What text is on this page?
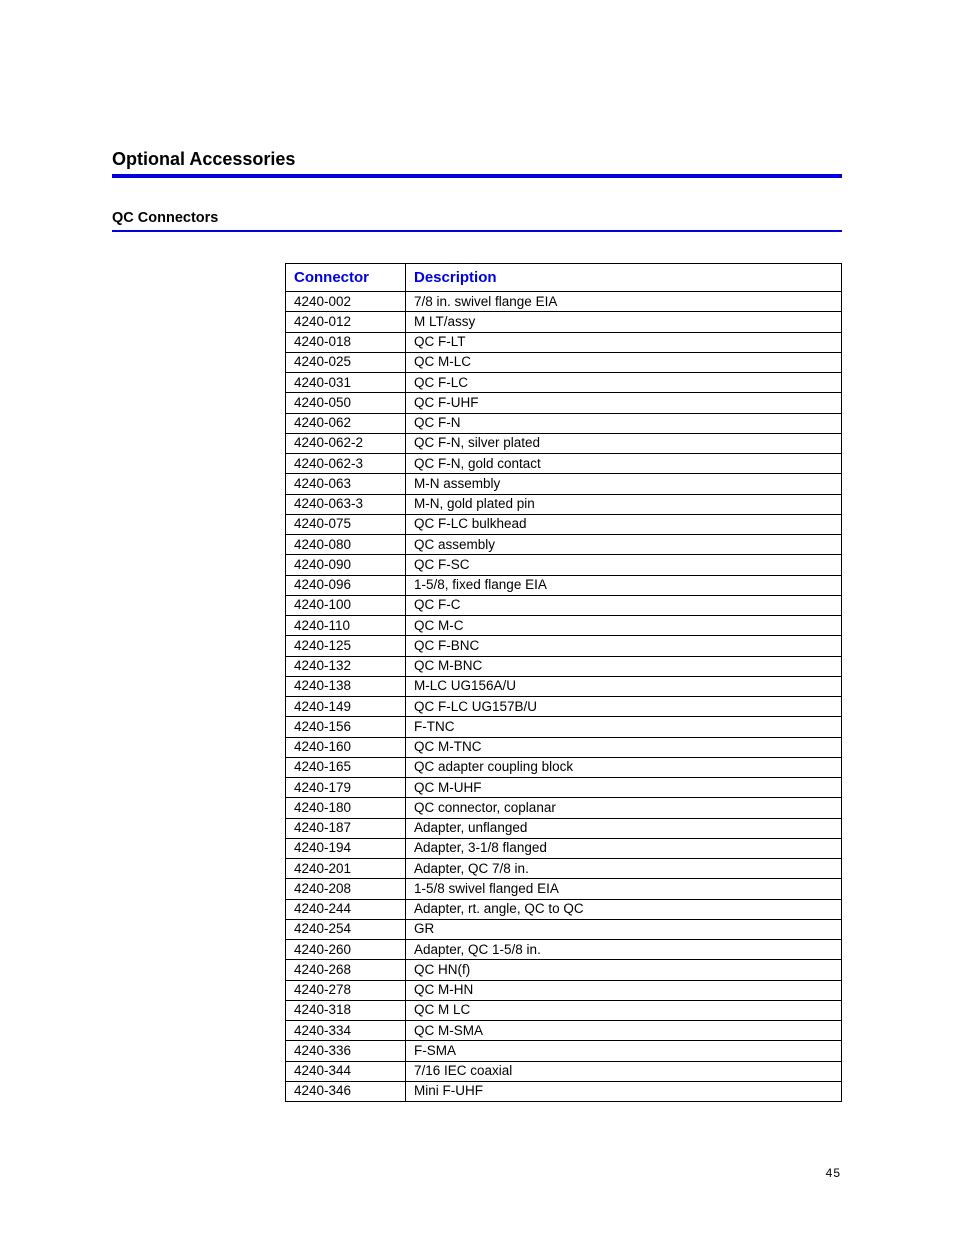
Optional Accessories
QC Connectors
Connector	Description
4240-002	7/8 in. swivel flange EIA
4240-012	M LT/assy
4240-018	QC F-LT
4240-025	QC M-LC
4240-031	QC F-LC
4240-050	QC F-UHF
4240-062	QC F-N
4240-062-2	QC F-N, silver plated
4240-062-3	QC F-N, gold contact
4240-063	M-N assembly
4240-063-3	M-N, gold plated pin
4240-075	QC F-LC bulkhead
4240-080	QC assembly
4240-090	QC F-SC
4240-096	1-5/8, fixed flange EIA
4240-100	QC F-C
4240-110	QC M-C
4240-125	QC F-BNC
4240-132	QC M-BNC
4240-138	M-LC UG156A/U
4240-149	QC F-LC UG157B/U
4240-156	F-TNC
4240-160	QC M-TNC
4240-165	QC adapter coupling block
4240-179	QC M-UHF
4240-180	QC connector, coplanar
4240-187	Adapter, unflanged
4240-194	Adapter, 3-1/8 flanged
4240-201	Adapter, QC 7/8 in.
4240-208	1-5/8 swivel flanged EIA
4240-244	Adapter, rt. angle, QC to QC
4240-254	GR
4240-260	Adapter, QC 1-5/8 in.
4240-268	QC HN(f)
4240-278	QC M-HN
4240-318	QC M LC
4240-334	QC M-SMA
4240-336	F-SMA
4240-344	7/16 IEC coaxial
4240-346	Mini F-UHF
45
